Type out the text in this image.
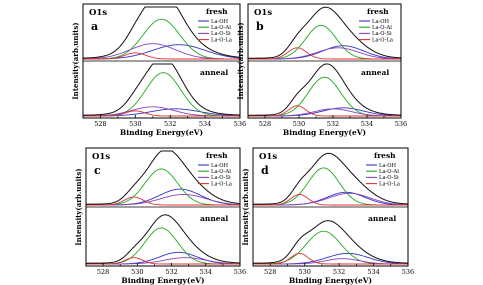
fresh
anneal
528	530	532	534	536
Binding Energy(eV)
Intensity(arb.units)
O1s
a	La-OH
La-O-Al
La-O-Si
La-O-La
fresh
anneal
528	530	532	534	536
Binding Energy(eV)
Intensity(arb.units)
O1s
b	La-OH
La-O-Al
La-O-Si
La-O-La
fresh
anneal
528	530	532	534	536
Binding Energy(eV)
Intensity(arb.units)
O1s
c	La-OH
La-O-Al
La-O-Si
La-O-La
fresh
anneal
528	530	532	534	536
Binding Energy(eV)
Intensity(arb.units)
O1s
d	La-OH
La-O-Al
La-O-Si
La-O-La
